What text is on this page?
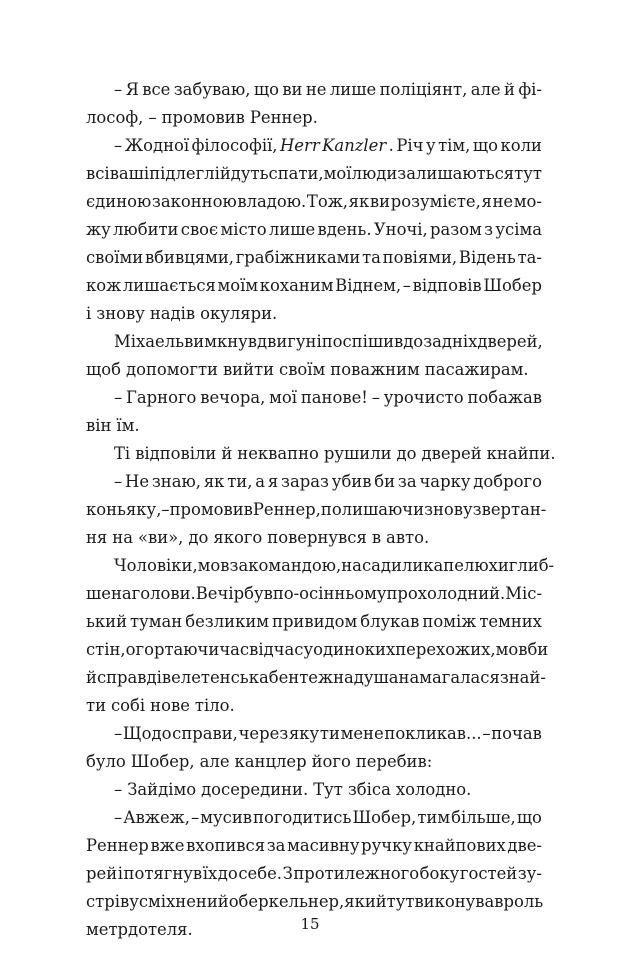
– Я все забуваю, що ви не лише поліціянт, але й фі-
лософ, – промовив Реннер.
– Жодної філософії, Herr Kanzler . Річ у тім, що коли
всі ваші підлеглі йдуть спати, мої люди залишаються тут
єдиною законною владою. Тож, як ви розумієте, я не мо-
жу любити своє місто лише вдень. Уночі, разом з усіма
своїми вбивцями, грабіжниками та повіями, Відень та-
кож лишається моїм коханим Віднем, – відповів Шобер
і знову надів окуляри.
Міхаель вимкнув двигун і поспішив до задніх дверей,
щоб допомогти вийти своїм поважним пасажирам.
– Гарного вечора, мої панове! – урочисто побажав
він їм.
Ті відповіли й неквапно рушили до дверей кнайпи.
– Не знаю, як ти, а я зараз убив би за чарку доброго
коньяку, – промовив Реннер, полишаючи знову звертан-
ня на «ви», до якого повернувся в авто.
Чоловіки, мов за командою, насадили капелюхи глиб-
ше на голови. Вечір був по-осінньому прохолодний. Міс-
ький туман безликим привидом блукав поміж темних
стін, огортаючи час від часу одиноких перехожих, мовби
й справді велетенська бентежна душа намагалася знай-
ти собі нове тіло.
– Щодо справи, через яку ти мене покликав... – почав
було Шобер, але канцлер його перебив:
– Зайдімо досередини. Тут збіса холодно.
– Авжеж, – мусив погодитись Шобер, тим більше, що
Реннер вже вхопився за масивну ручку кнайпових две-
рей і потягнув їх до себе. З протилежного боку гостей зу-
стрів усміхнений оберкельнер, який тут виконував роль
метрдотеля.	15
